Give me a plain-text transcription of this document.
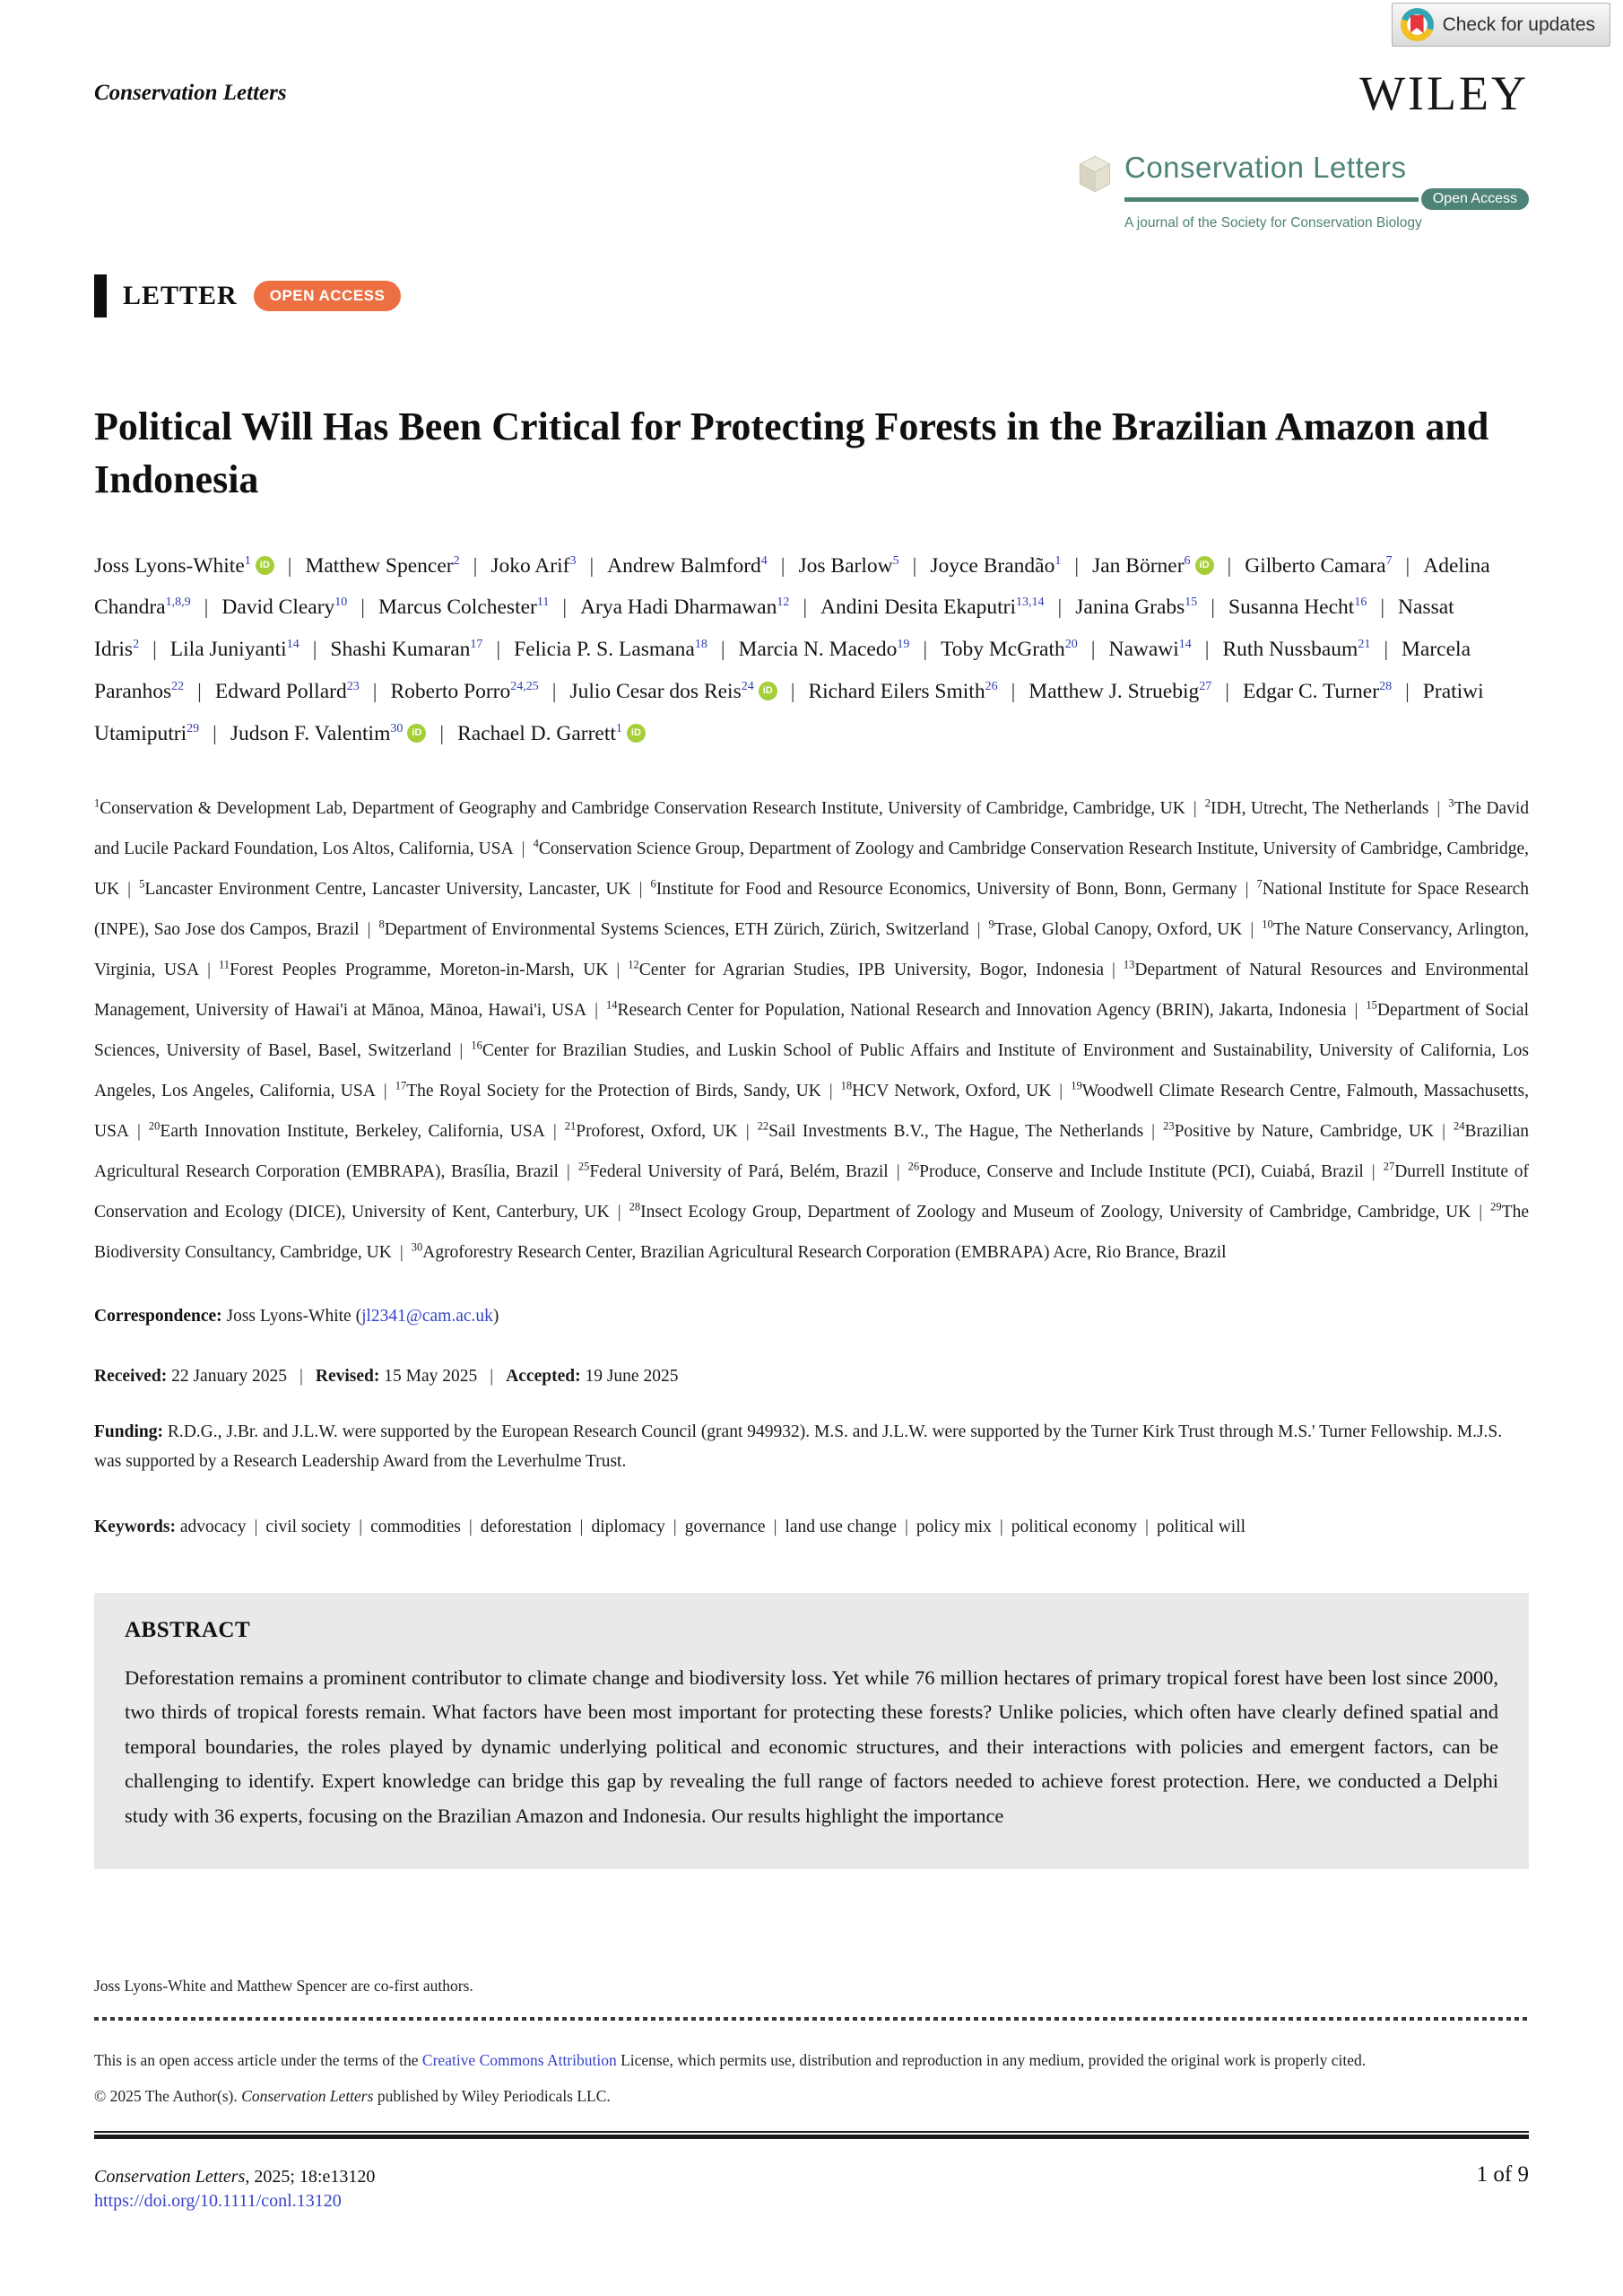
Check for updates
Conservation Letters	WILEY
Conservation Letters
Open Access
A journal of the Society for Conservation Biology
LETTER	OPEN ACCESS
Political Will Has Been Critical for Protecting Forests in the Brazilian Amazon and Indonesia

Joss Lyons-White$^1$ iD | Matthew Spencer$^2$ | Joko Arif$^3$ | Andrew Balmford$^4$ | Jos Barlow$^5$ | Joyce Brandão$^1$ | Jan Börner$^6$ iD | Gilberto Camara$^7$ | Adelina Chandra$^{1,8,9}$ | David Cleary$^{10}$ | Marcus Colchester$^{11}$ | Arya Hadi Dharmawan$^{12}$ | Andini Desita Ekaputri$^{13,14}$ | Janina Grabs$^{15}$ | Susanna Hecht$^{16}$ | Nassat Idris$^2$ | Lila Juniyanti$^{14}$ | Shashi Kumaran$^{17}$ | Felicia P. S. Lasmana$^{18}$ | Marcia N. Macedo$^{19}$ | Toby McGrath$^{20}$ | Nawawi$^{14}$ | Ruth Nussbaum$^{21}$ | Marcela Paranhos$^{22}$ | Edward Pollard$^{23}$ | Roberto Porro$^{24,25}$ | Julio Cesar dos Reis$^{24}$ iD | Richard Eilers Smith$^{26}$ | Matthew J. Struebig$^{27}$ | Edgar C. Turner$^{28}$ | Pratiwi Utamiputri$^{29}$ | Judson F. Valentim$^{30}$ iD | Rachael D. Garrett$^1$ iD

$^1$Conservation & Development Lab, Department of Geography and Cambridge Conservation Research Institute, University of Cambridge, Cambridge, UK | $^2$IDH, Utrecht, The Netherlands | $^3$The David and Lucile Packard Foundation, Los Altos, California, USA | $^4$Conservation Science Group, Department of Zoology and Cambridge Conservation Research Institute, University of Cambridge, Cambridge, UK | $^5$Lancaster Environment Centre, Lancaster University, Lancaster, UK | $^6$Institute for Food and Resource Economics, University of Bonn, Bonn, Germany | $^7$National Institute for Space Research (INPE), Sao Jose dos Campos, Brazil | $^8$Department of Environmental Systems Sciences, ETH Zürich, Zürich, Switzerland | $^9$Trase, Global Canopy, Oxford, UK | $^{10}$The Nature Conservancy, Arlington, Virginia, USA | $^{11}$Forest Peoples Programme, Moreton-in-Marsh, UK | $^{12}$Center for Agrarian Studies, IPB University, Bogor, Indonesia | $^{13}$Department of Natural Resources and Environmental Management, University of Hawai'i at Mānoa, Mānoa, Hawai'i, USA | $^{14}$Research Center for Population, National Research and Innovation Agency (BRIN), Jakarta, Indonesia | $^{15}$Department of Social Sciences, University of Basel, Basel, Switzerland | $^{16}$Center for Brazilian Studies, and Luskin School of Public Affairs and Institute of Environment and Sustainability, University of California, Los Angeles, Los Angeles, California, USA | $^{17}$The Royal Society for the Protection of Birds, Sandy, UK | $^{18}$HCV Network, Oxford, UK | $^{19}$Woodwell Climate Research Centre, Falmouth, Massachusetts, USA | $^{20}$Earth Innovation Institute, Berkeley, California, USA | $^{21}$Proforest, Oxford, UK | $^{22}$Sail Investments B.V., The Hague, The Netherlands | $^{23}$Positive by Nature, Cambridge, UK | $^{24}$Brazilian Agricultural Research Corporation (EMBRAPA), Brasília, Brazil | $^{25}$Federal University of Pará, Belém, Brazil | $^{26}$Produce, Conserve and Include Institute (PCI), Cuiabá, Brazil | $^{27}$Durrell Institute of Conservation and Ecology (DICE), University of Kent, Canterbury, UK | $^{28}$Insect Ecology Group, Department of Zoology and Museum of Zoology, University of Cambridge, Cambridge, UK | $^{29}$The Biodiversity Consultancy, Cambridge, UK | $^{30}$Agroforestry Research Center, Brazilian Agricultural Research Corporation (EMBRAPA) Acre, Rio Brance, Brazil

Correspondence: Joss Lyons-White (jl2341@cam.ac.uk)

Received: 22 January 2025 | Revised: 15 May 2025 | Accepted: 19 June 2025

Funding: R.D.G., J.Br. and J.L.W. were supported by the European Research Council (grant 949932). M.S. and J.L.W. were supported by the Turner Kirk Trust through M.S.' Turner Fellowship. M.J.S. was supported by a Research Leadership Award from the Leverhulme Trust.

Keywords: advocacy | civil society | commodities | deforestation | diplomacy | governance | land use change | policy mix | political economy | political will

ABSTRACT

Deforestation remains a prominent contributor to climate change and biodiversity loss. Yet while 76 million hectares of primary tropical forest have been lost since 2000, two thirds of tropical forests remain. What factors have been most important for protecting these forests? Unlike policies, which often have clearly defined spatial and temporal boundaries, the roles played by dynamic underlying political and economic structures, and their interactions with policies and emergent factors, can be challenging to identify. Expert knowledge can bridge this gap by revealing the full range of factors needed to achieve forest protection. Here, we conducted a Delphi study with 36 experts, focusing on the Brazilian Amazon and Indonesia. Our results highlight the importance

Joss Lyons-White and Matthew Spencer are co-first authors.

This is an open access article under the terms of the Creative Commons Attribution License, which permits use, distribution and reproduction in any medium, provided the original work is properly cited.

© 2025 The Author(s). Conservation Letters published by Wiley Periodicals LLC.

Conservation Letters, 2025; 18:e13120	1 of 9
https://doi.org/10.1111/conl.13120
